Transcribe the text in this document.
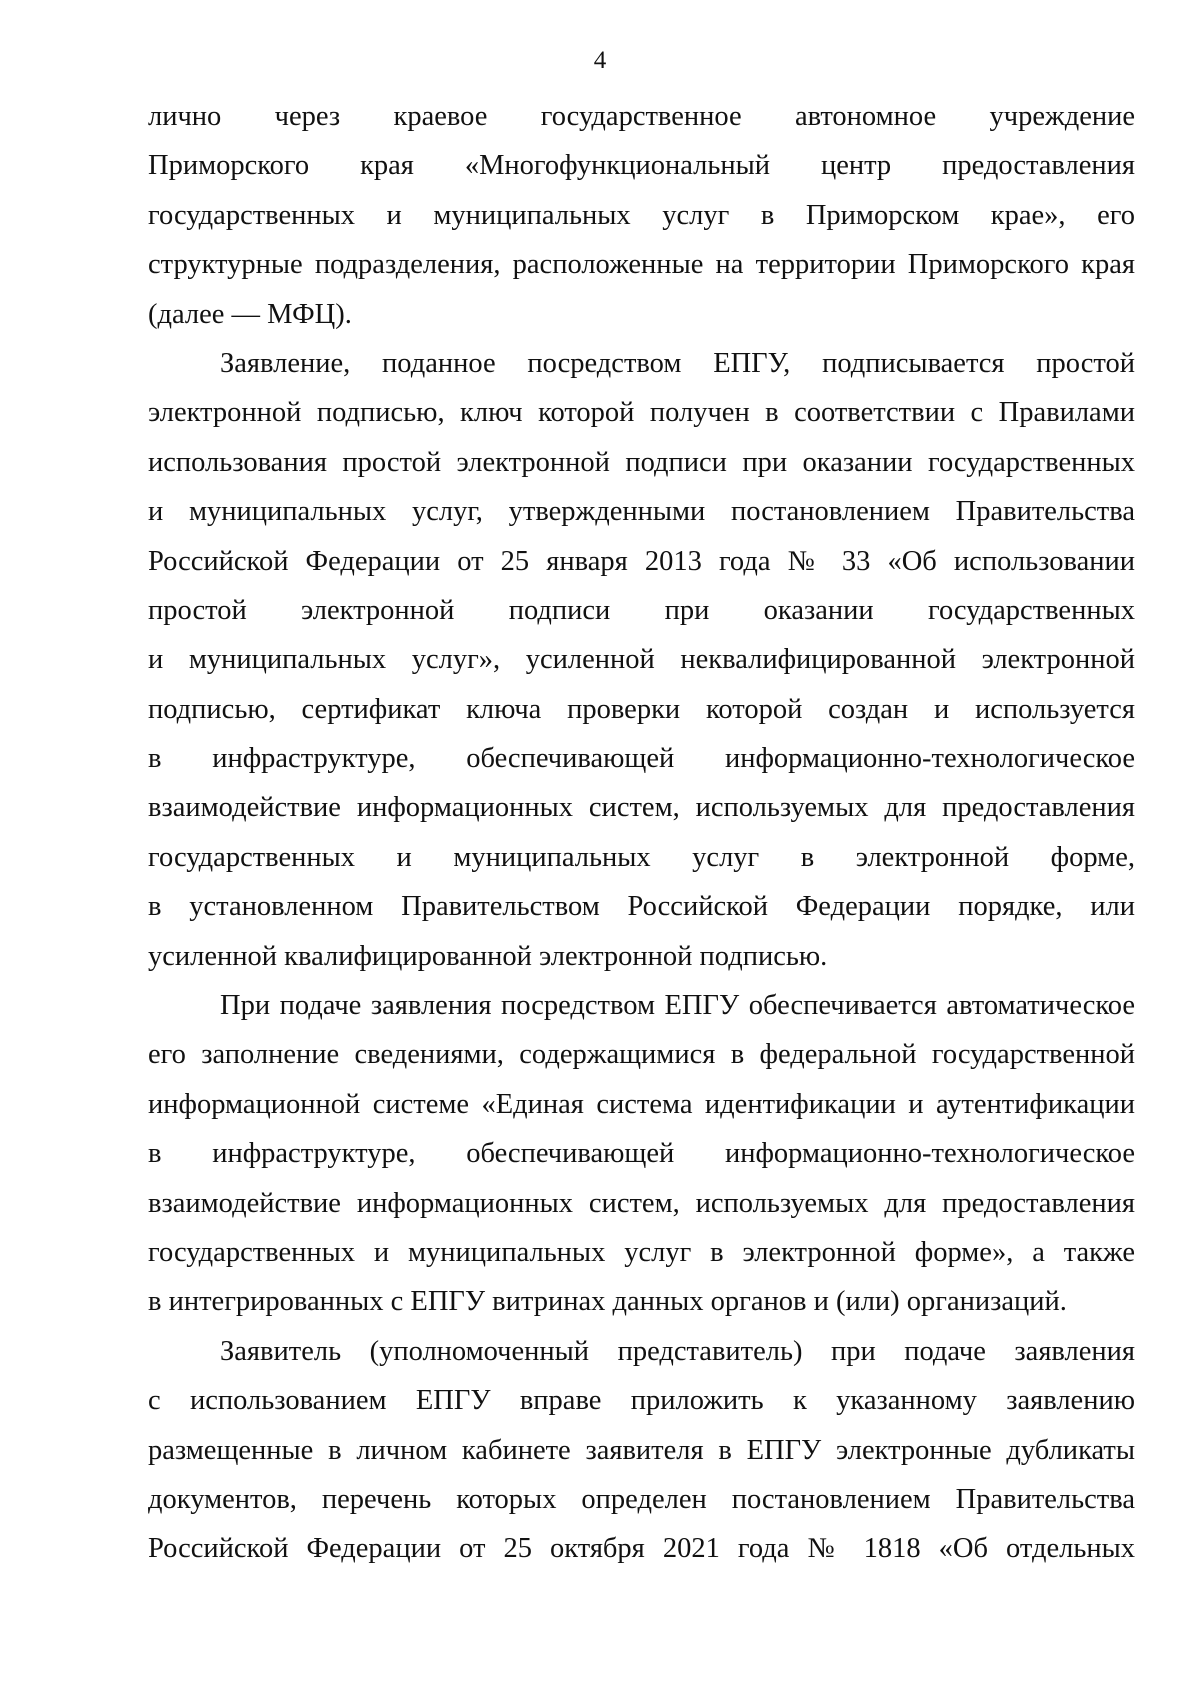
4
лично через краевое государственное автономное учреждение
Приморского края «Многофункциональный центр предоставления
государственных и муниципальных услуг в Приморском крае», его
структурные подразделения, расположенные на территории Приморского края
(далее — МФЦ).
Заявление, поданное посредством ЕПГУ, подписывается простой
электронной подписью, ключ которой получен в соответствии с Правилами
использования простой электронной подписи при оказании государственных
и муниципальных услуг, утвержденными постановлением Правительства
Российской Федерации от 25 января 2013 года № 33 «Об использовании
простой электронной подписи при оказании государственных
и муниципальных услуг», усиленной неквалифицированной электронной
подписью, сертификат ключа проверки которой создан и используется
в инфраструктуре, обеспечивающей информационно-технологическое
взаимодействие информационных систем, используемых для предоставления
государственных и муниципальных услуг в электронной форме,
в установленном Правительством Российской Федерации порядке, или
усиленной квалифицированной электронной подписью.
При подаче заявления посредством ЕПГУ обеспечивается автоматическое
его заполнение сведениями, содержащимися в федеральной государственной
информационной системе «Единая система идентификации и аутентификации
в инфраструктуре, обеспечивающей информационно-технологическое
взаимодействие информационных систем, используемых для предоставления
государственных и муниципальных услуг в электронной форме», а также
в интегрированных с ЕПГУ витринах данных органов и (или) организаций.
Заявитель (уполномоченный представитель) при подаче заявления
с использованием ЕПГУ вправе приложить к указанному заявлению
размещенные в личном кабинете заявителя в ЕПГУ электронные дубликаты
документов, перечень которых определен постановлением Правительства
Российской Федерации от 25 октября 2021 года № 1818 «Об отдельных
